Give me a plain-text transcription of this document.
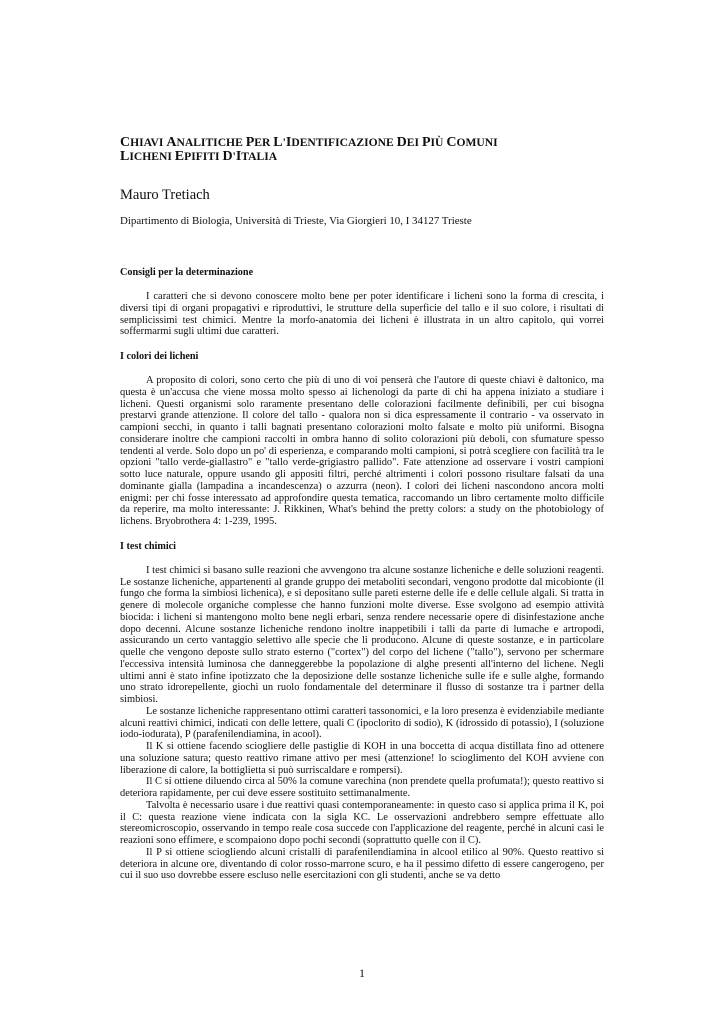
CHIAVI ANALITICHE PER L'IDENTIFICAZIONE DEI PIÙ COMUNI
LICHENI EPIFITI D'ITALIA
Mauro Tretiach
Dipartimento di Biologia, Università di Trieste, Via Giorgieri 10, I 34127 Trieste
Consigli per la determinazione

I caratteri che si devono conoscere molto bene per poter identificare i licheni sono la forma di crescita, i diversi tipi di organi propagativi e riproduttivi, le strutture della superficie del tallo e il suo colore, i risultati di semplicissimi test chimici. Mentre la morfo-anatomia dei licheni è illustrata in un altro capitolo, qui vorrei soffermarmi sugli ultimi due caratteri.

I colori dei licheni

A proposito di colori, sono certo che più di uno di voi penserà che l'autore di queste chiavi è daltonico, ma questa è un'accusa che viene mossa molto spesso ai lichenologi da parte di chi ha appena iniziato a studiare i licheni. Questi organismi solo raramente presentano delle colorazioni facilmente definibili, per cui bisogna prestarvi grande attenzione. Il colore del tallo - qualora non si dica espressamente il contrario - va osservato in campioni secchi, in quanto i talli bagnati presentano colorazioni molto falsate e molto più uniformi. Bisogna considerare inoltre che campioni raccolti in ombra hanno di solito colorazioni più deboli, con sfumature spesso tendenti al verde. Solo dopo un po' di esperienza, e comparando molti campioni, si potrà scegliere con facilità tra le opzioni "tallo verde-giallastro" e "tallo verde-grigiastro pallido". Fate attenzione ad osservare i vostri campioni sotto luce naturale, oppure usando gli appositi filtri, perché altrimenti i colori possono risultare falsati da una dominante gialla (lampadina a incandescenza) o azzurra (neon). I colori dei licheni nascondono ancora molti enigmi: per chi fosse interessato ad approfondire questa tematica, raccomando un libro certamente molto difficile da reperire, ma molto interessante: J. Rikkinen, What's behind the pretty colors: a study on the photobiology of lichens. Bryobrothera 4: 1-239, 1995.

I test chimici

I test chimici si basano sulle reazioni che avvengono tra alcune sostanze licheniche e delle soluzioni reagenti. Le sostanze licheniche, appartenenti al grande gruppo dei metaboliti secondari, vengono prodotte dal micobionte (il fungo che forma la simbiosi lichenica), e si depositano sulle pareti esterne delle ife e delle cellule algali. Si tratta in genere di molecole organiche complesse che hanno funzioni molte diverse. Esse svolgono ad esempio attività biocida: i licheni si mantengono molto bene negli erbari, senza rendere necessarie opere di disinfestazione anche dopo decenni. Alcune sostanze licheniche rendono inoltre inappetibili i talli da parte di lumache e artropodi, assicurando un certo vantaggio selettivo alle specie che li producono. Alcune di queste sostanze, e in particolare quelle che vengono deposte sullo strato esterno ("cortex") del corpo del lichene ("tallo"), servono per schermare l'eccessiva intensità luminosa che danneggerebbe la popolazione di alghe presenti all'interno del lichene. Negli ultimi anni è stato infine ipotizzato che la deposizione delle sostanze licheniche sulle ife e sulle alghe, formando uno strato idrorepellente, giochi un ruolo fondamentale del determinare il flusso di sostanze tra i partner della simbiosi.

Le sostanze licheniche rappresentano ottimi caratteri tassonomici, e la loro presenza è evidenziabile mediante alcuni reattivi chimici, indicati con delle lettere, quali C (ipoclorito di sodio), K (idrossido di potassio), I (soluzione iodo-iodurata), P (parafenilendiamina, in acool).

Il K si ottiene facendo sciogliere delle pastiglie di KOH in una boccetta di acqua distillata fino ad ottenere una soluzione satura; questo reattivo rimane attivo per mesi (attenzione! lo scioglimento del KOH avviene con liberazione di calore, la bottiglietta si può surriscaldare e rompersi).

Il C si ottiene diluendo circa al 50% la comune varechina (non prendete quella profumata!); questo reattivo si deteriora rapidamente, per cui deve essere sostituito settimanalmente.

Talvolta è necessario usare i due reattivi quasi contemporaneamente: in questo caso si applica prima il K, poi il C: questa reazione viene indicata con la sigla KC. Le osservazioni andrebbero sempre effettuate allo stereomicroscopio, osservando in tempo reale cosa succede con l'applicazione del reagente, perché in alcuni casi le reazioni sono effimere, e scompaiono dopo pochi secondi (soprattutto quelle con il C).

Il P si ottiene sciogliendo alcuni cristalli di parafenilendiamina in alcool etilico al 90%. Questo reattivo si deteriora in alcune ore, diventando di color rosso-marrone scuro, e ha il pessimo difetto di essere cangerogeno, per cui il suo uso dovrebbe essere escluso nelle esercitazioni con gli studenti, anche se va detto

1
